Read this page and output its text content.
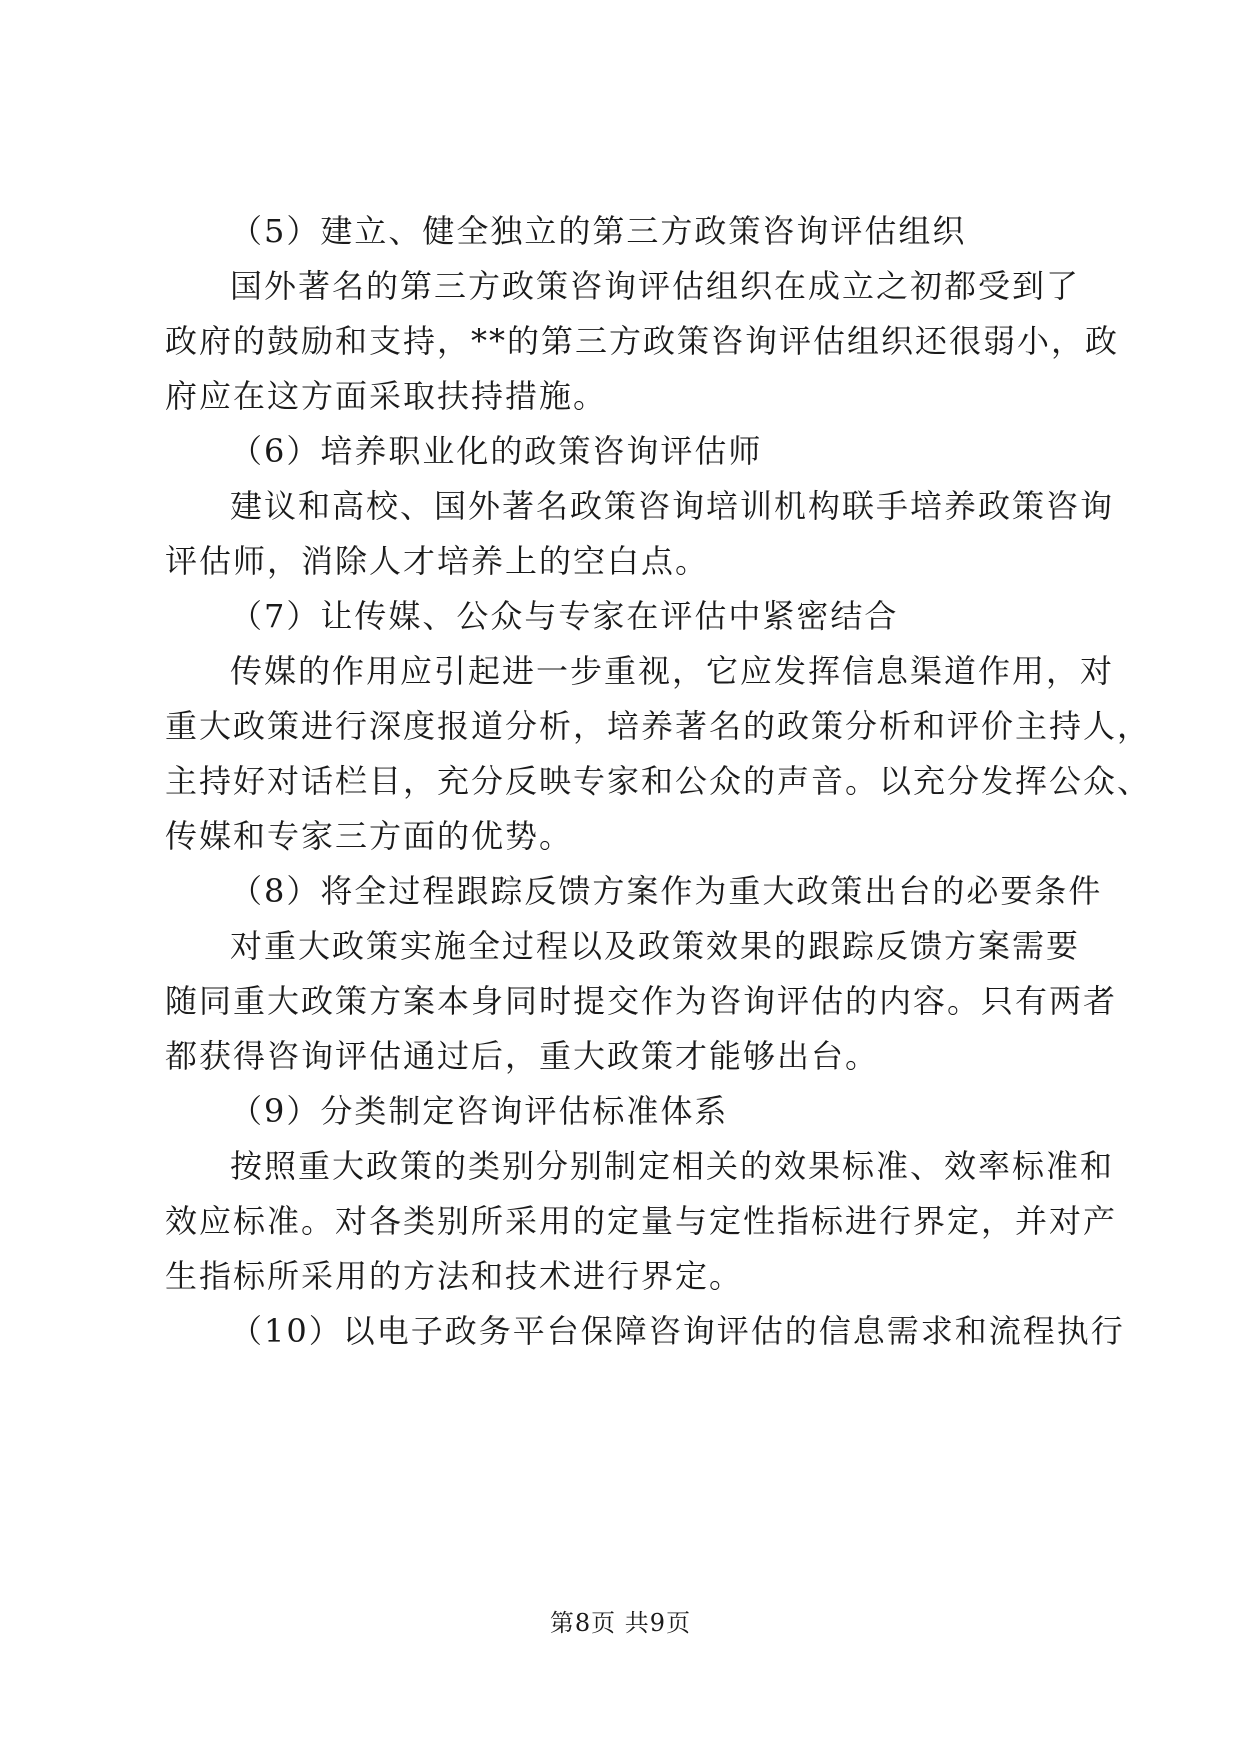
（5）建立、健全独立的第三方政策咨询评估组织
国外著名的第三方政策咨询评估组织在成立之初都受到了
政府的鼓励和支持，**的第三方政策咨询评估组织还很弱小，政
府应在这方面采取扶持措施。
（6）培养职业化的政策咨询评估师
建议和高校、国外著名政策咨询培训机构联手培养政策咨询
评估师，消除人才培养上的空白点。
（7）让传媒、公众与专家在评估中紧密结合
传媒的作用应引起进一步重视，它应发挥信息渠道作用，对
重大政策进行深度报道分析，培养著名的政策分析和评价主持人，
主持好对话栏目，充分反映专家和公众的声音。以充分发挥公众、
传媒和专家三方面的优势。
（8）将全过程跟踪反馈方案作为重大政策出台的必要条件
对重大政策实施全过程以及政策效果的跟踪反馈方案需要
随同重大政策方案本身同时提交作为咨询评估的内容。只有两者
都获得咨询评估通过后，重大政策才能够出台。
（9）分类制定咨询评估标准体系
按照重大政策的类别分别制定相关的效果标准、效率标准和
效应标准。对各类别所采用的定量与定性指标进行界定，并对产
生指标所采用的方法和技术进行界定。
（10）以电子政务平台保障咨询评估的信息需求和流程执行
第8页 共9页
